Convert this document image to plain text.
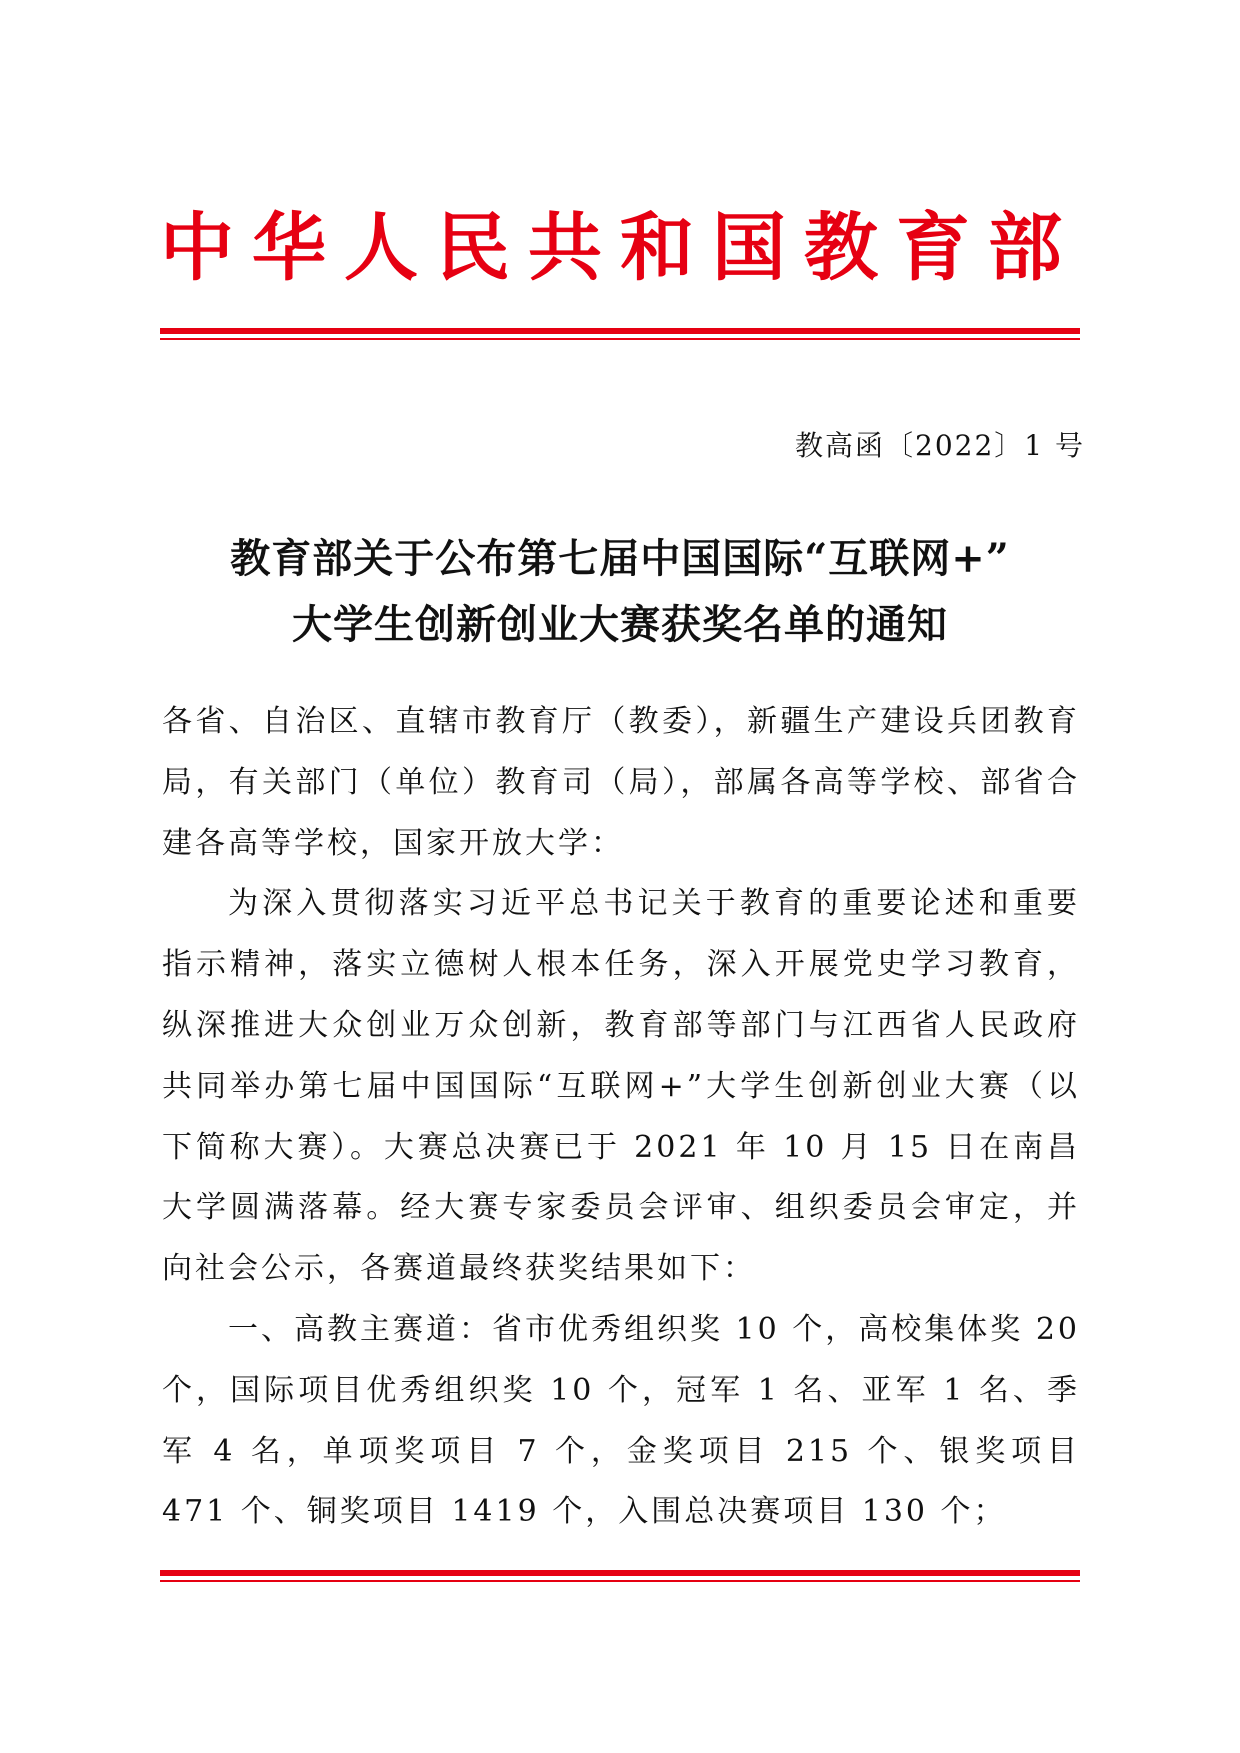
中华人民共和国教育部
教高函〔2022〕1 号
教育部关于公布第七届中国国际“互联网+”
大学生创新创业大赛获奖名单的通知

各省、自治区、直辖市教育厅（教委），新疆生产建设兵团教育局，有关部门（单位）教育司（局），部属各高等学校、部省合建各高等学校，国家开放大学：

为深入贯彻落实习近平总书记关于教育的重要论述和重要指示精神，落实立德树人根本任务，深入开展党史学习教育，纵深推进大众创业万众创新，教育部等部门与江西省人民政府共同举办第七届中国国际“互联网+”大学生创新创业大赛（以下简称大赛）。大赛总决赛已于 2021 年 10 月 15 日在南昌大学圆满落幕。经大赛专家委员会评审、组织委员会审定，并向社会公示，各赛道最终获奖结果如下：

一、高教主赛道：省市优秀组织奖 10 个，高校集体奖 20 个，国际项目优秀组织奖 10 个，冠军 1 名、亚军 1 名、季军 4 名，单项奖项目 7 个，金奖项目 215 个、银奖项目 471 个、铜奖项目 1419 个，入围总决赛项目 130 个；
